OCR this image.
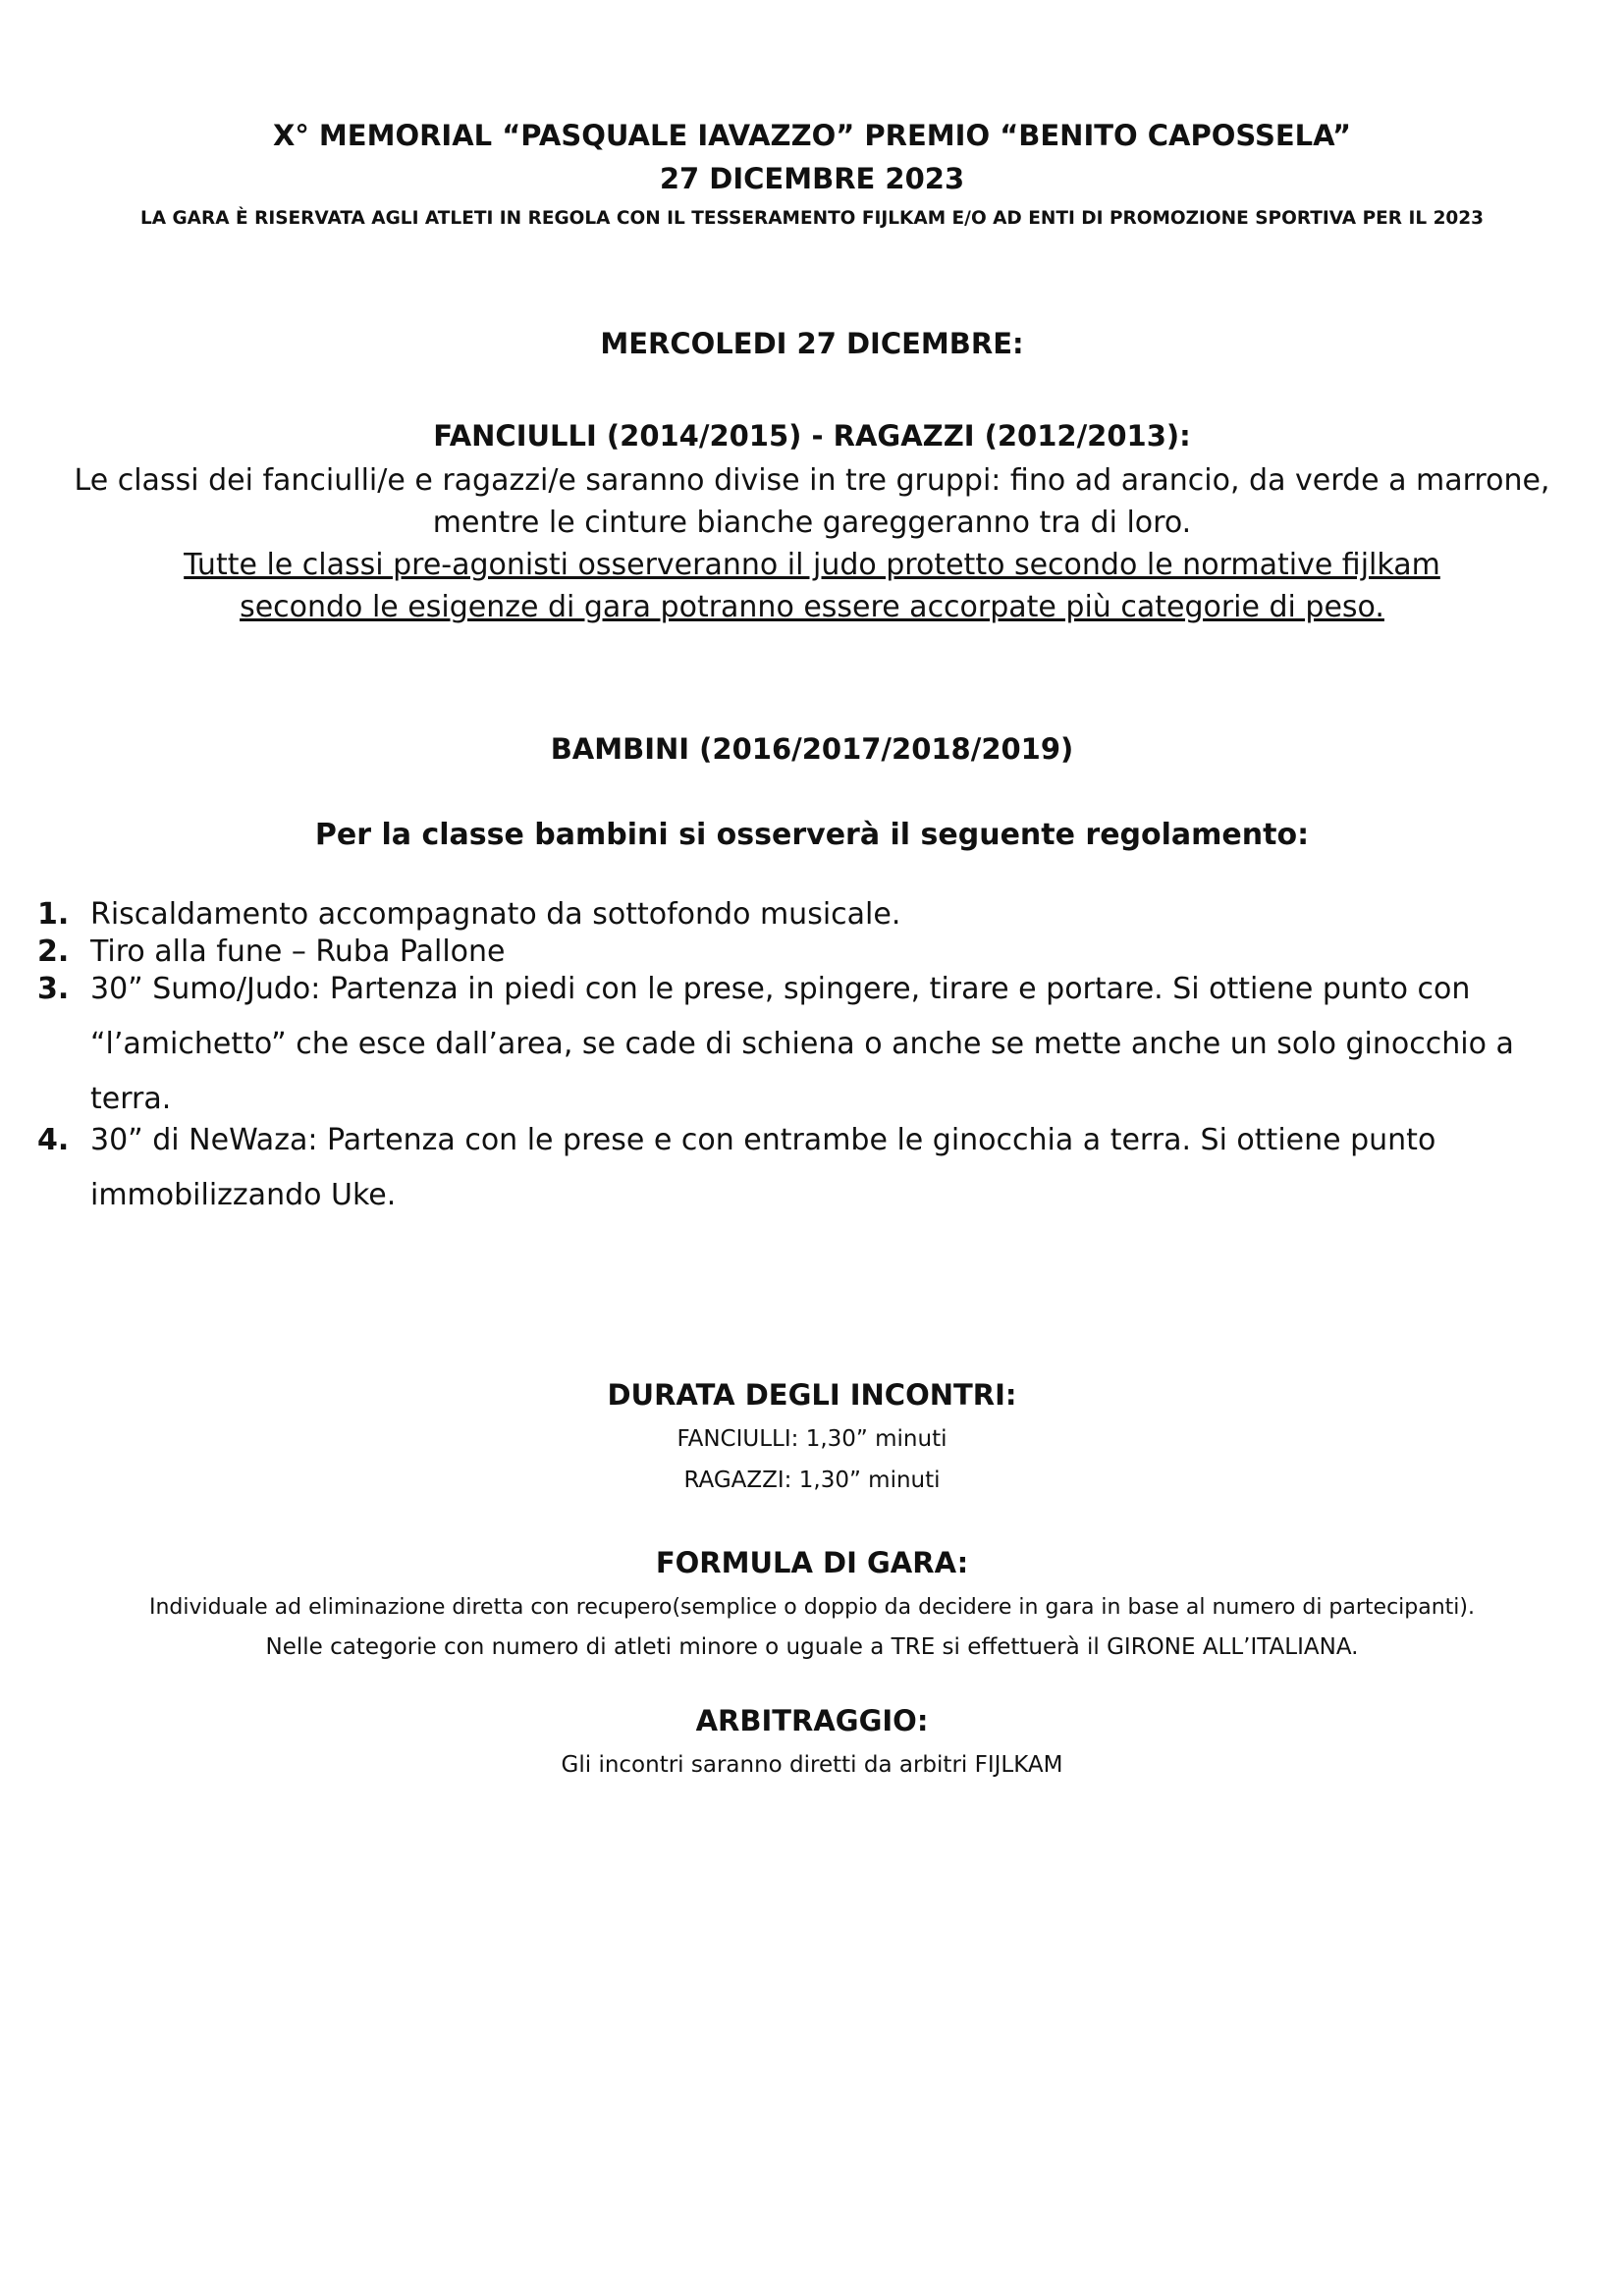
X° MEMORIAL “PASQUALE IAVAZZO” PREMIO “BENITO CAPOSSELA”
27 DICEMBRE 2023
LA GARA È RISERVATA AGLI ATLETI IN REGOLA CON IL TESSERAMENTO FIJLKAM E/O AD ENTI DI PROMOZIONE SPORTIVA PER IL 2023
MERCOLEDI 27 DICEMBRE:
FANCIULLI (2014/2015) - RAGAZZI (2012/2013):
Le classi dei fanciulli/e e ragazzi/e saranno divise in tre gruppi: fino ad arancio, da verde a marrone,
mentre le cinture bianche gareggeranno tra di loro.
Tutte le classi pre-agonisti osserveranno il judo protetto secondo le normative fijlkam
secondo le esigenze di gara potranno essere accorpate più categorie di peso.
BAMBINI (2016/2017/2018/2019)
Per la classe bambini si osserverà il seguente regolamento:
1. Riscaldamento accompagnato da sottofondo musicale.
2. Tiro alla fune – Ruba Pallone
3. 30” Sumo/Judo: Partenza in piedi con le prese, spingere, tirare e portare. Si ottiene punto con
“l’amichetto” che esce dall’area, se cade di schiena o anche se mette anche un solo ginocchio a
terra.
4. 30” di NeWaza: Partenza con le prese e con entrambe le ginocchia a terra. Si ottiene punto
immobilizzando Uke.
DURATA DEGLI INCONTRI:
FANCIULLI: 1,30” minuti
RAGAZZI: 1,30” minuti
FORMULA DI GARA:
Individuale ad eliminazione diretta con recupero(semplice o doppio da decidere in gara in base al numero di partecipanti).
Nelle categorie con numero di atleti minore o uguale a TRE si effettuerà il GIRONE ALL’ITALIANA.
ARBITRAGGIO:
Gli incontri saranno diretti da arbitri FIJLKAM
